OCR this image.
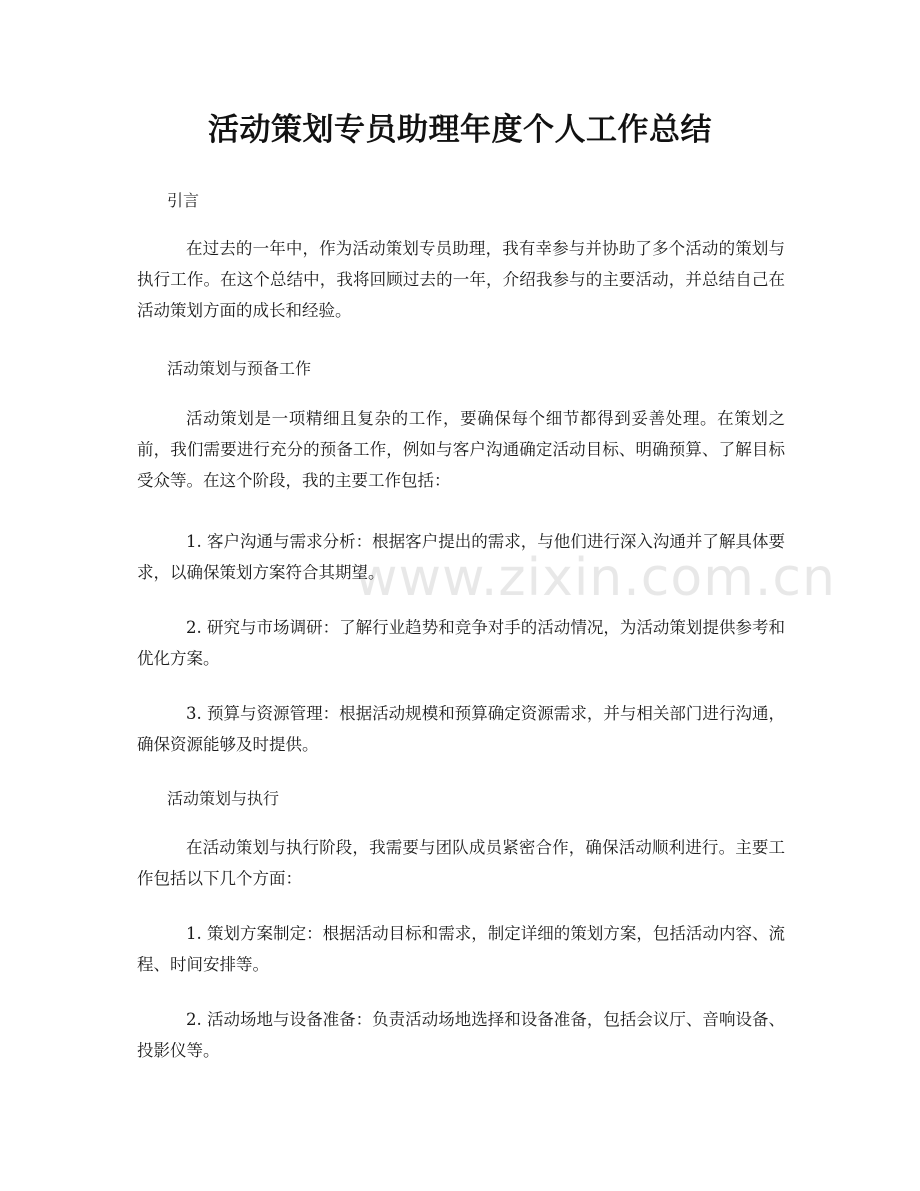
活动策划专员助理年度个人工作总结
引言

在过去的一年中，作为活动策划专员助理，我有幸参与并协助了多个活动的策划与执行工作。在这个总结中，我将回顾过去的一年，介绍我参与的主要活动，并总结自己在活动策划方面的成长和经验。

活动策划与预备工作

活动策划是一项精细且复杂的工作，要确保每个细节都得到妥善处理。在策划之前，我们需要进行充分的预备工作，例如与客户沟通确定活动目标、明确预算、了解目标受众等。在这个阶段，我的主要工作包括：

1. 客户沟通与需求分析：根据客户提出的需求，与他们进行深入沟通并了解具体要求，以确保策划方案符合其期望。

2. 研究与市场调研：了解行业趋势和竞争对手的活动情况，为活动策划提供参考和优化方案。

3. 预算与资源管理：根据活动规模和预算确定资源需求，并与相关部门进行沟通，确保资源能够及时提供。

活动策划与执行

在活动策划与执行阶段，我需要与团队成员紧密合作，确保活动顺利进行。主要工作包括以下几个方面：

1. 策划方案制定：根据活动目标和需求，制定详细的策划方案，包括活动内容、流程、时间安排等。

2. 活动场地与设备准备：负责活动场地选择和设备准备，包括会议厅、音响设备、投影仪等。

www.zixin.com.cn
